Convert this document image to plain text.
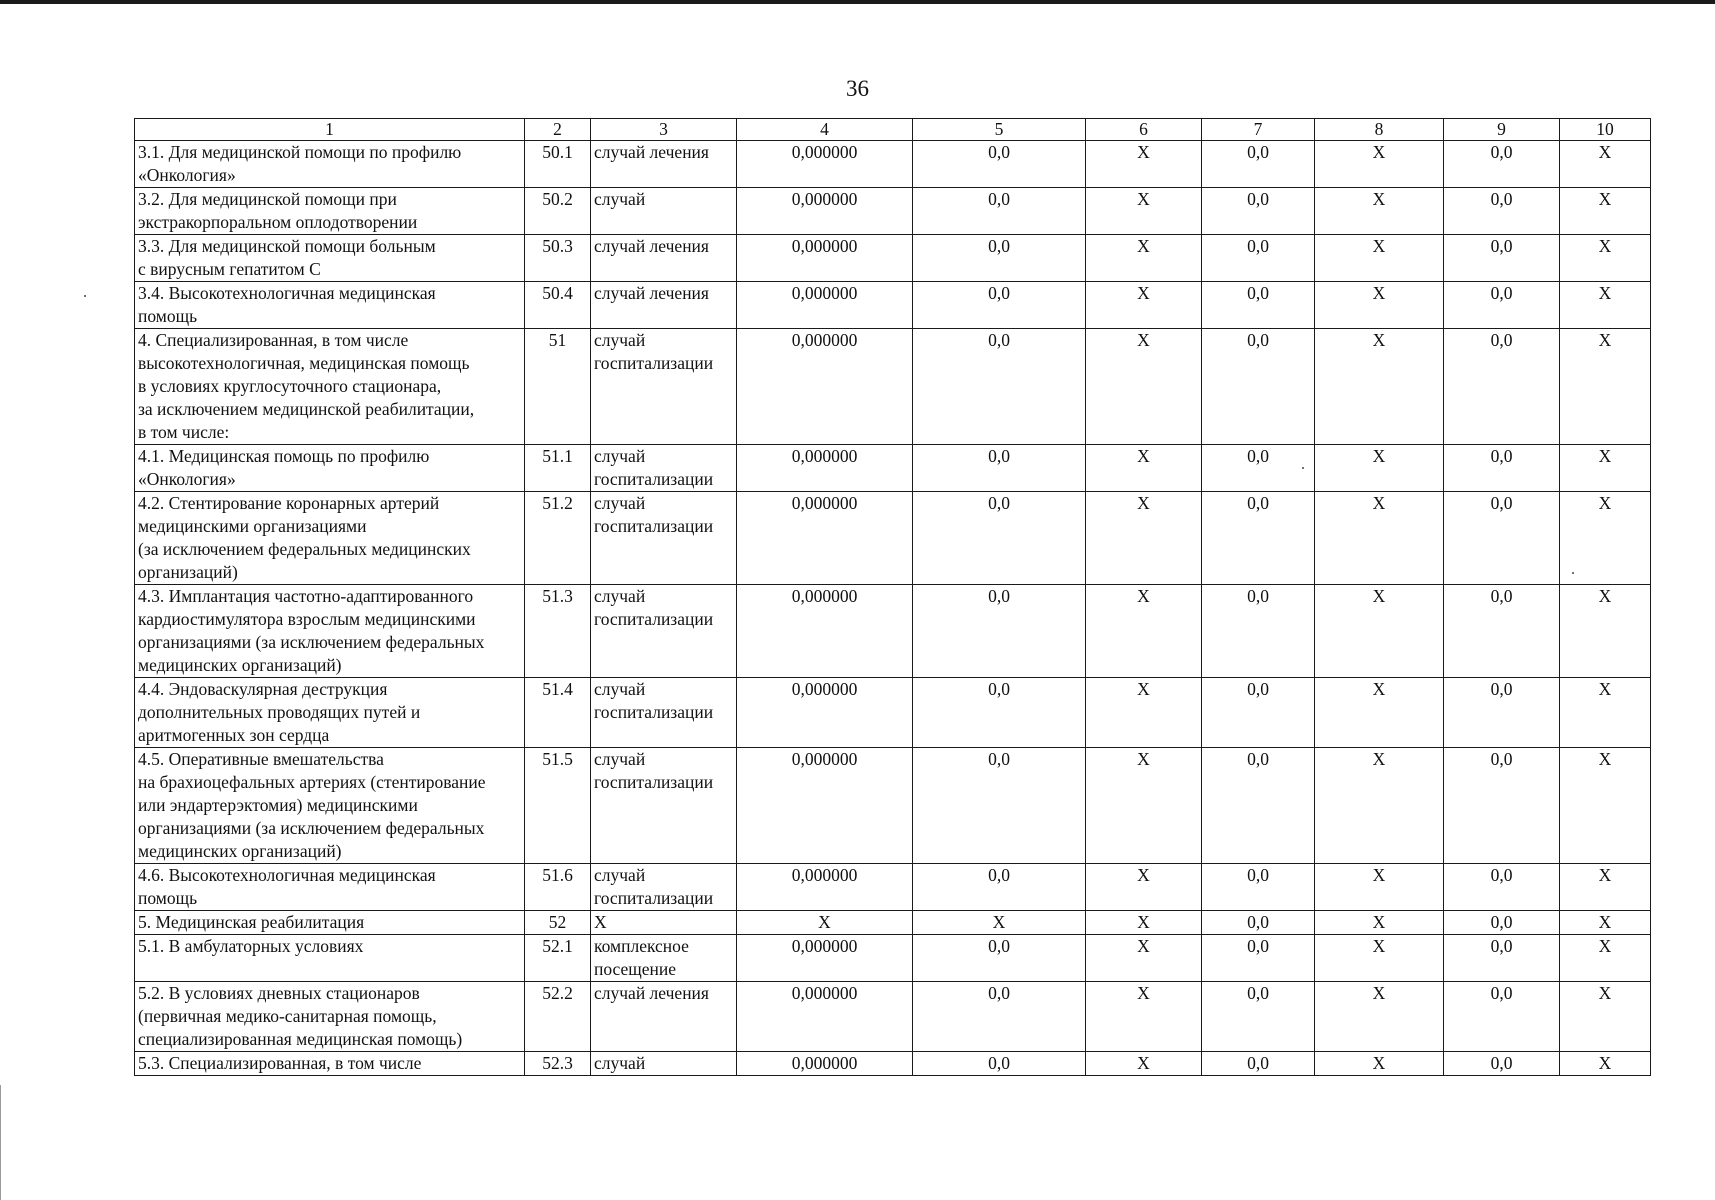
36
1	2	3	4	5	6	7	8	9	10
3.1. Для медицинской помощи по профилю
«Онкология»	50.1	случай лечения	0,000000	0,0	X	0,0	X	0,0	X
3.2. Для медицинской помощи при
экстракорпоральном оплодотворении	50.2	случай	0,000000	0,0	X	0,0	X	0,0	X
3.3. Для медицинской помощи больным
с вирусным гепатитом С	50.3	случай лечения	0,000000	0,0	X	0,0	X	0,0	X
3.4. Высокотехнологичная медицинская
помощь	50.4	случай лечения	0,000000	0,0	X	0,0	X	0,0	X
4. Специализированная, в том числе
высокотехнологичная, медицинская помощь
в условиях круглосуточного стационара,
за исключением медицинской реабилитации,
в том числе:	51	случай
госпитализации	0,000000	0,0	X	0,0	X	0,0	X
4.1. Медицинская помощь по профилю
«Онкология»	51.1	случай
госпитализации	0,000000	0,0	X	0,0	X	0,0	X
4.2. Стентирование коронарных артерий
медицинскими организациями
(за исключением федеральных медицинских
организаций)	51.2	случай
госпитализации	0,000000	0,0	X	0,0	X	0,0	X
4.3. Имплантация частотно-адаптированного
кардиостимулятора взрослым медицинскими
организациями (за исключением федеральных
медицинских организаций)	51.3	случай
госпитализации	0,000000	0,0	X	0,0	X	0,0	X
4.4. Эндоваскулярная деструкция
дополнительных проводящих путей и
аритмогенных зон сердца	51.4	случай
госпитализации	0,000000	0,0	X	0,0	X	0,0	X
4.5. Оперативные вмешательства
на брахиоцефальных артериях (стентирование
или эндартерэктомия) медицинскими
организациями (за исключением федеральных
медицинских организаций)	51.5	случай
госпитализации	0,000000	0,0	X	0,0	X	0,0	X
4.6. Высокотехнологичная медицинская
помощь	51.6	случай
госпитализации	0,000000	0,0	X	0,0	X	0,0	X
5. Медицинская реабилитация	52	X	X	X	X	0,0	X	0,0	X
5.1. В амбулаторных условиях	52.1	комплексное
посещение	0,000000	0,0	X	0,0	X	0,0	X
5.2. В условиях дневных стационаров
(первичная медико-санитарная помощь,
специализированная медицинская помощь)	52.2	случай лечения	0,000000	0,0	X	0,0	X	0,0	X
5.3. Специализированная, в том числе	52.3	случай	0,000000	0,0	X	0,0	X	0,0	X
